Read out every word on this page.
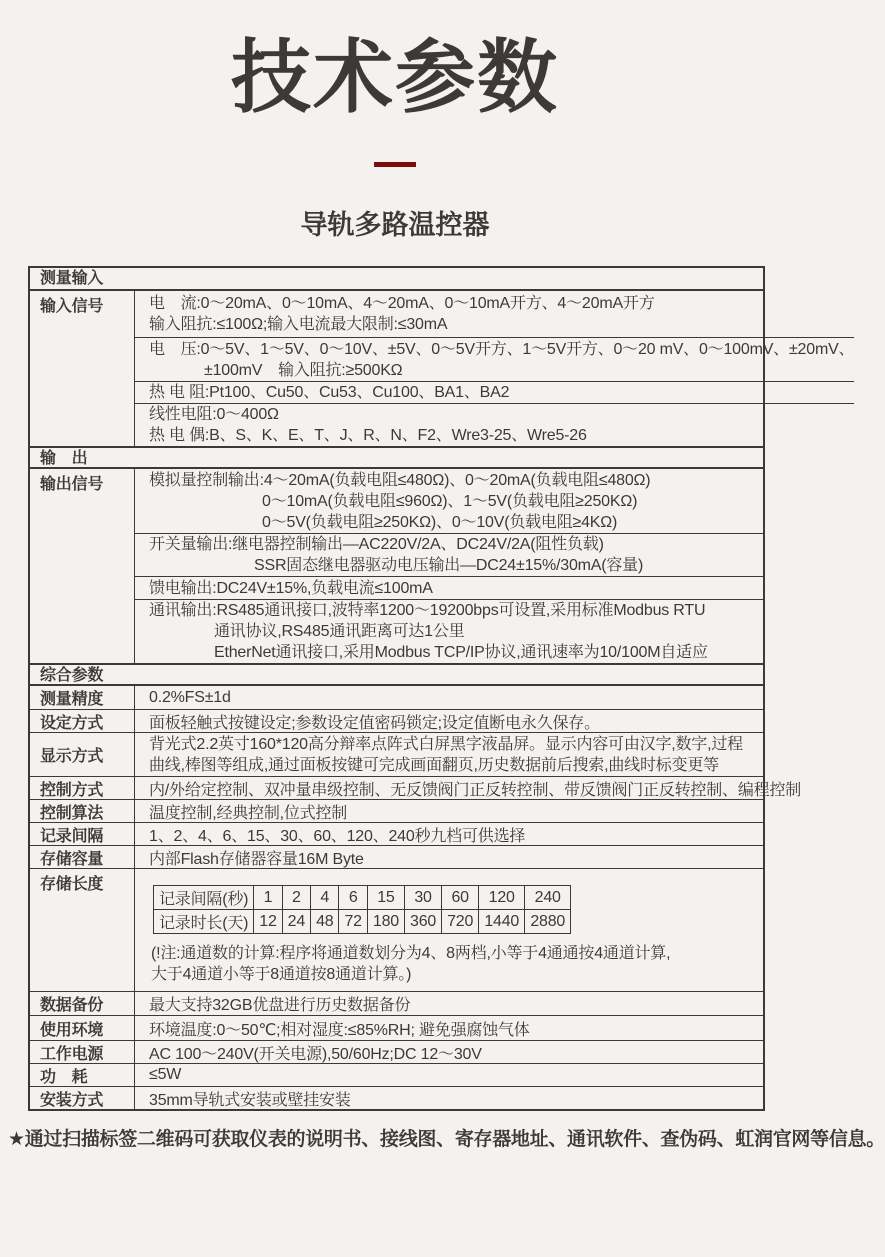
技术参数
导轨多路温控器
测量输入
输入信号	电　流:0～20mA、0～10mA、4～20mA、0～10mA开方、4～20mA开方
输入阻抗:≤100Ω;输入电流最大限制:≤30mA
电　压:0～5V、1～5V、0～10V、±5V、0～5V开方、1～5V开方、0～20 mV、0～100mV、±20mV、
±100mV　输入阻抗:≥500KΩ
热 电 阻:Pt100、Cu50、Cu53、Cu100、BA1、BA2
线性电阻:0～400Ω
热 电 偶:B、S、K、E、T、J、R、N、F2、Wre3-25、Wre5-26
输　出
输出信号	模拟量控制输出:4～20mA(负载电阻≤480Ω)、0～20mA(负载电阻≤480Ω)
0～10mA(负载电阻≤960Ω)、1～5V(负载电阻≥250KΩ)
0～5V(负载电阻≥250KΩ)、0～10V(负载电阻≥4KΩ)
开关量输出:继电器控制输出—AC220V/2A、DC24V/2A(阻性负载)
SSR固态继电器驱动电压输出—DC24±15%/30mA(容量)
馈电输出:DC24V±15%,负载电流≤100mA
通讯输出:RS485通讯接口,波特率1200～19200bps可设置,采用标准Modbus RTU
通讯协议,RS485通讯距离可达1公里
EtherNet通讯接口,采用Modbus TCP/IP协议,通讯速率为10/100M自适应
综合参数
测量精度	0.2%FS±1d
设定方式	面板轻触式按键设定;参数设定值密码锁定;设定值断电永久保存。
显示方式
背光式2.2英寸160*120高分辩率点阵式白屏黑字液晶屏。显示内容可由汉字,数字,过程
曲线,棒图等组成,通过面板按键可完成画面翻页,历史数据前后搜索,曲线时标变更等
控制方式	内/外给定控制、双冲量串级控制、无反馈阀门正反转控制、带反馈阀门正反转控制、编程控制
控制算法	温度控制,经典控制,位式控制
记录间隔	1、2、4、6、15、30、60、120、240秒九档可供选择
存储容量	内部Flash存储器容量16M Byte
存储长度
记录间隔(秒)	1	2	4	6	15	30	60	120	240
记录时长(天)	12	24	48	72	180	360	720	1440	2880
(!注:通道数的计算:程序将通道数划分为4、8两档,小等于4通通按4通道计算,
大于4通道小等于8通道按8通道计算。)
数据备份	最大支持32GB优盘进行历史数据备份
使用环境	环境温度:0～50℃;相对湿度:≤85%RH; 避免强腐蚀气体
工作电源	AC 100～240V(开关电源),50/60Hz;DC 12～30V
功　耗	≤5W
安装方式	35mm导轨式安装或壁挂安装
★通过扫描标签二维码可获取仪表的说明书、接线图、寄存器地址、通讯软件、查伪码、虹润官网等信息。
